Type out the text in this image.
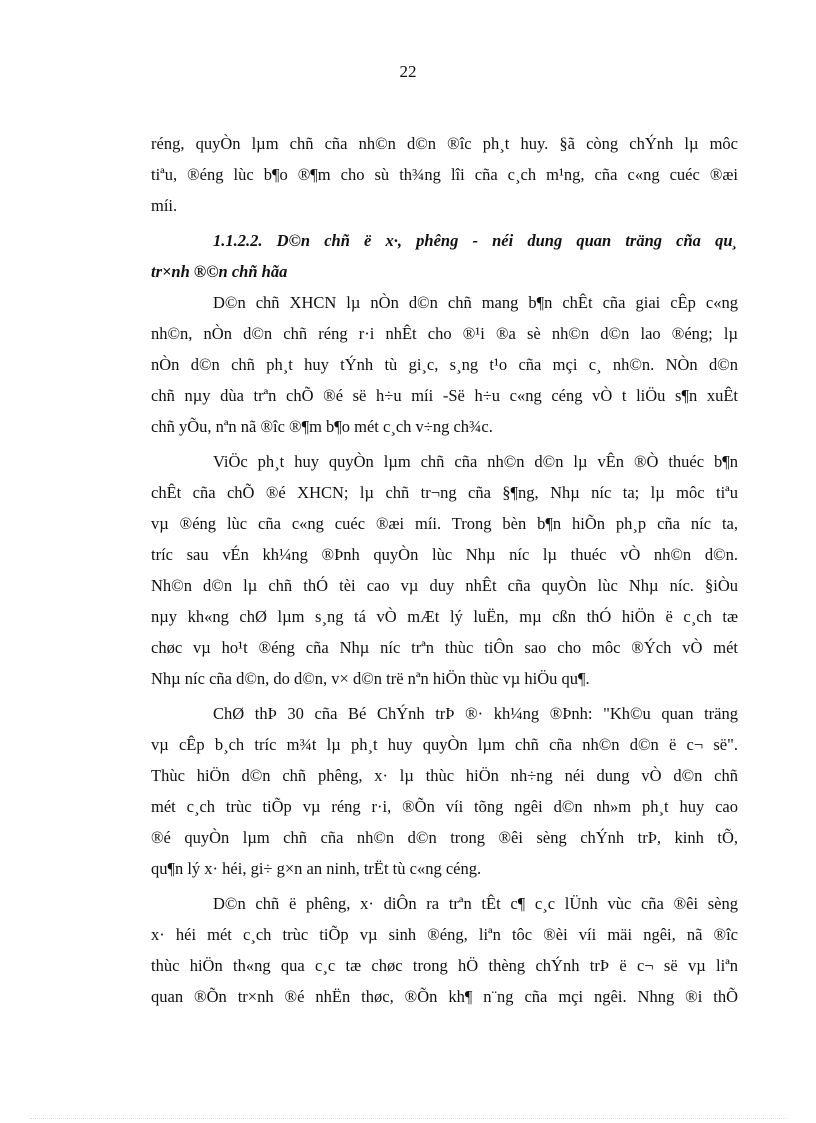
22

réng, quyÒn lµm chñ cña nh©n d©n ®îc ph¸t huy. §ã còng chÝnh lµ môc
tiªu, ®éng lùc b¶o ®¶m cho sù th¾ng lîi cña c¸ch m¹ng, cña c«ng cuéc ®æi
míi.

1.1.2.2. D©n chñ ë x·, phêng - néi dung quan träng cña qu¸
tr×nh ®©n chñ hãa

D©n chñ XHCN lµ nÒn d©n chñ mang b¶n chÊt cña giai cÊp c«ng
nh©n, nÒn d©n chñ réng r·i nhÊt cho ®¹i ®a sè nh©n d©n lao ®éng; lµ
nÒn d©n chñ ph¸t huy tÝnh tù gi¸c, s¸ng t¹o cña mçi c¸ nh©n. NÒn d©n
chñ nµy dùa trªn chÕ ®é së h÷u míi -Së h÷u c«ng céng vÒ t liÖu s¶n xuÊt
chñ yÕu, nªn nã ®îc ®¶m b¶o mét c¸ch v÷ng ch¾c.

ViÖc ph¸t huy quyÒn lµm chñ cña nh©n d©n lµ vÊn ®Ò thuéc b¶n
chÊt cña chÕ ®é XHCN; lµ chñ tr¬ng cña §¶ng, Nhµ níc ta; lµ môc tiªu
vµ ®éng lùc cña c«ng cuéc ®æi míi. Trong bèn b¶n hiÕn ph¸p cña níc ta,
tríc sau vÉn kh¼ng ®Þnh quyÒn lùc Nhµ níc lµ thuéc vÒ nh©n d©n.
Nh©n d©n lµ chñ thÓ tèi cao vµ duy nhÊt cña quyÒn lùc Nhµ níc. §iÒu
nµy kh«ng chØ lµm s¸ng tá vÒ mÆt lý luËn, mµ cßn thÓ hiÖn ë c¸ch tæ
chøc vµ ho¹t ®éng cña Nhµ níc trªn thùc tiÔn sao cho môc ®Ých vÒ mét
Nhµ níc cña d©n, do d©n, v× d©n trë nªn hiÖn thùc vµ hiÖu qu¶.

ChØ thÞ 30 cña Bé ChÝnh trÞ ®· kh¼ng ®Þnh: "Kh©u quan träng
vµ cÊp b¸ch tríc m¾t lµ ph¸t huy quyÒn lµm chñ cña nh©n d©n ë c¬ së".
Thùc hiÖn d©n chñ phêng, x· lµ thùc hiÖn nh÷ng néi dung vÒ d©n chñ
mét c¸ch trùc tiÕp vµ réng r·i, ®Õn víi tõng ngêi d©n nh»m ph¸t huy cao
®é quyÒn lµm chñ cña nh©n d©n trong ®êi sèng chÝnh trÞ, kinh tÕ,
qu¶n lý x· héi, gi÷ g×n an ninh, trËt tù c«ng céng.

D©n chñ ë phêng, x· diÔn ra trªn tÊt c¶ c¸c lÜnh vùc cña ®êi sèng
x· héi mét c¸ch trùc tiÕp vµ sinh ®éng, liªn tôc ®èi víi mäi ngêi, nã ®îc
thùc hiÖn th«ng qua c¸c tæ chøc trong hÖ thèng chÝnh trÞ ë c¬ së vµ liªn
quan ®Õn tr×nh ®é nhËn thøc, ®Õn kh¶ n¨ng cña mçi ngêi. Nhng ®i thÕ
